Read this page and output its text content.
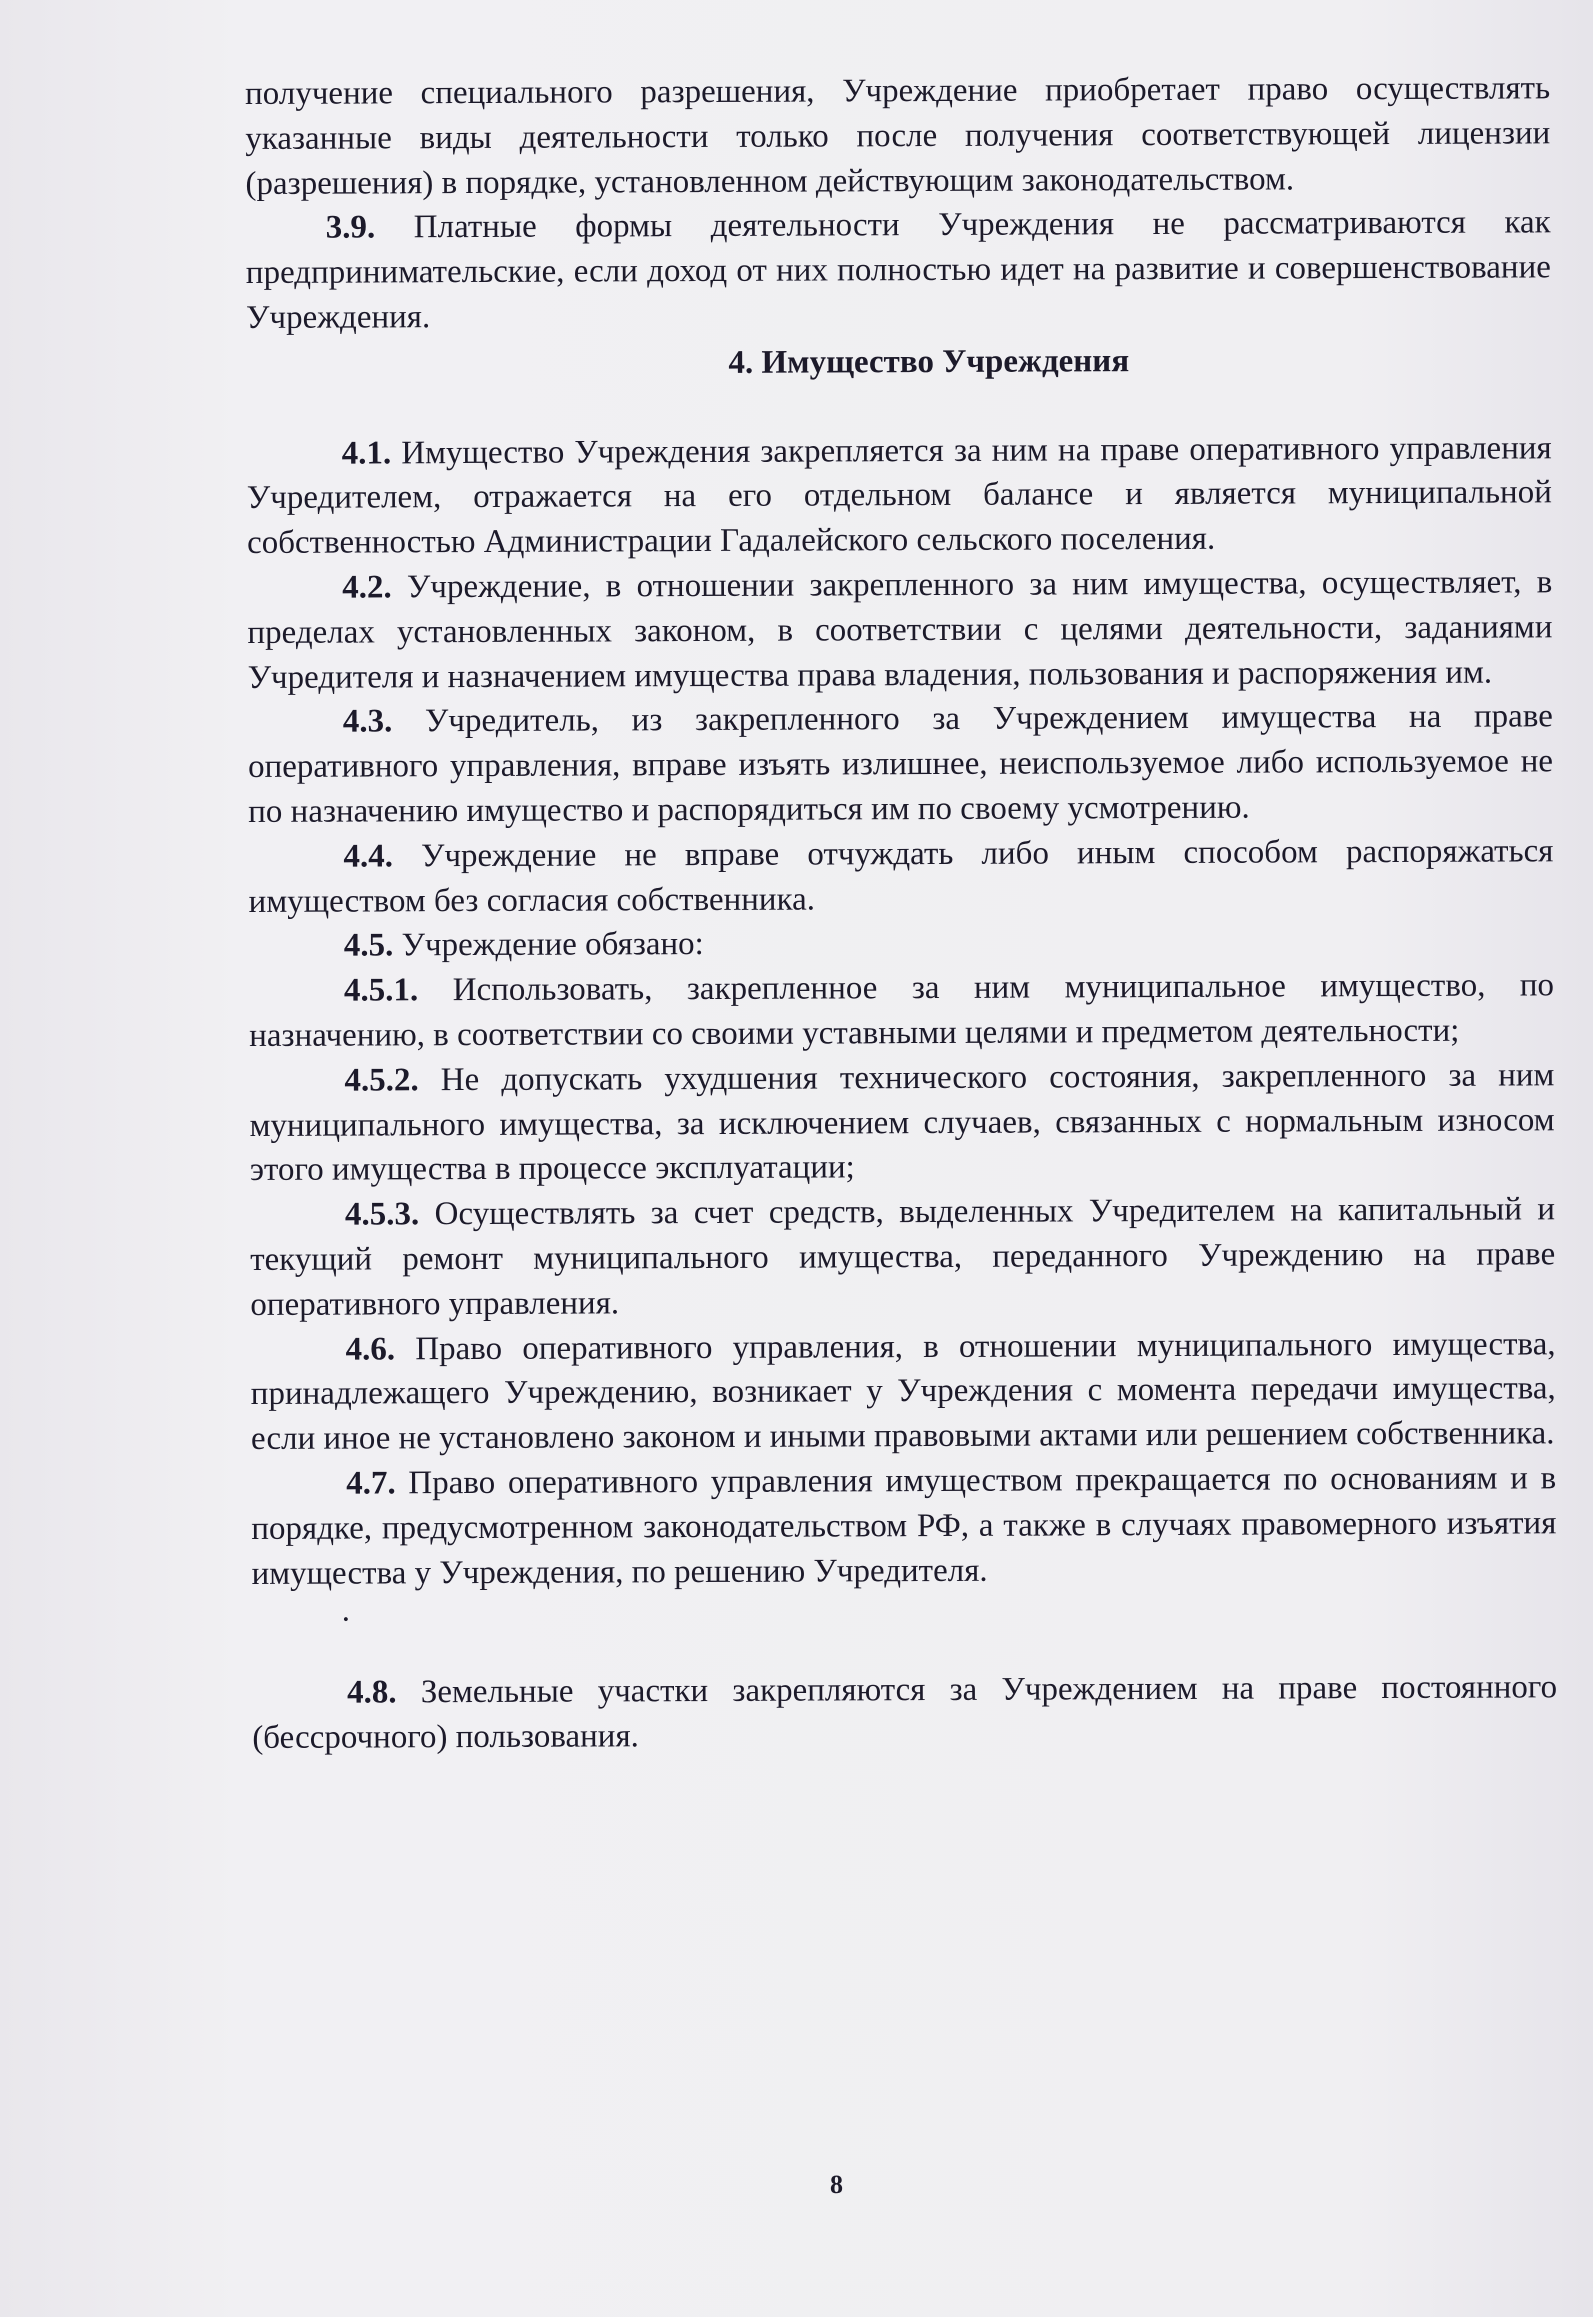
получение специального разрешения, Учреждение приобретает право осуществлять указанные виды деятельности только после получения соответствующей лицензии (разрешения) в порядке, установленном действующим законодательством.

3.9. Платные формы деятельности Учреждения не рассматриваются как предпринимательские, если доход от них полностью идет на развитие и совершенствование Учреждения.

4. Имущество Учреждения

4.1. Имущество Учреждения закрепляется за ним на праве оперативного управления Учредителем, отражается на его отдельном балансе и является муниципальной собственностью Администрации Гадалейского сельского поселения.

4.2. Учреждение, в отношении закрепленного за ним имущества, осуществляет, в пределах установленных законом, в соответствии с целями деятельности, заданиями Учредителя и назначением имущества права владения, пользования и распоряжения им.

4.3. Учредитель, из закрепленного за Учреждением имущества на праве оперативного управления, вправе изъять излишнее, неиспользуемое либо используемое не по назначению имущество и распорядиться им по своему усмотрению.

4.4. Учреждение не вправе отчуждать либо иным способом распоряжаться имуществом без согласия собственника.

4.5. Учреждение обязано:

4.5.1. Использовать, закрепленное за ним муниципальное имущество, по назначению, в соответствии со своими уставными целями и предметом деятельности;

4.5.2. Не допускать ухудшения технического состояния, закрепленного за ним муниципального имущества, за исключением случаев, связанных с нормальным износом этого имущества в процессе эксплуатации;

4.5.3. Осуществлять за счет средств, выделенных Учредителем на капитальный и текущий ремонт муниципального имущества, переданного Учреждению на праве оперативного управления.

4.6. Право оперативного управления, в отношении муниципального имущества, принадлежащего Учреждению, возникает у Учреждения с момента передачи имущества, если иное не установлено законом и иными правовыми актами или решением собственника.

4.7. Право оперативного управления имуществом прекращается по основаниям и в порядке, предусмотренном законодательством РФ, а также в случаях правомерного изъятия имущества у Учреждения, по решению Учредителя.

.

4.8. Земельные участки закрепляются за Учреждением на праве постоянного (бессрочного) пользования.

8
